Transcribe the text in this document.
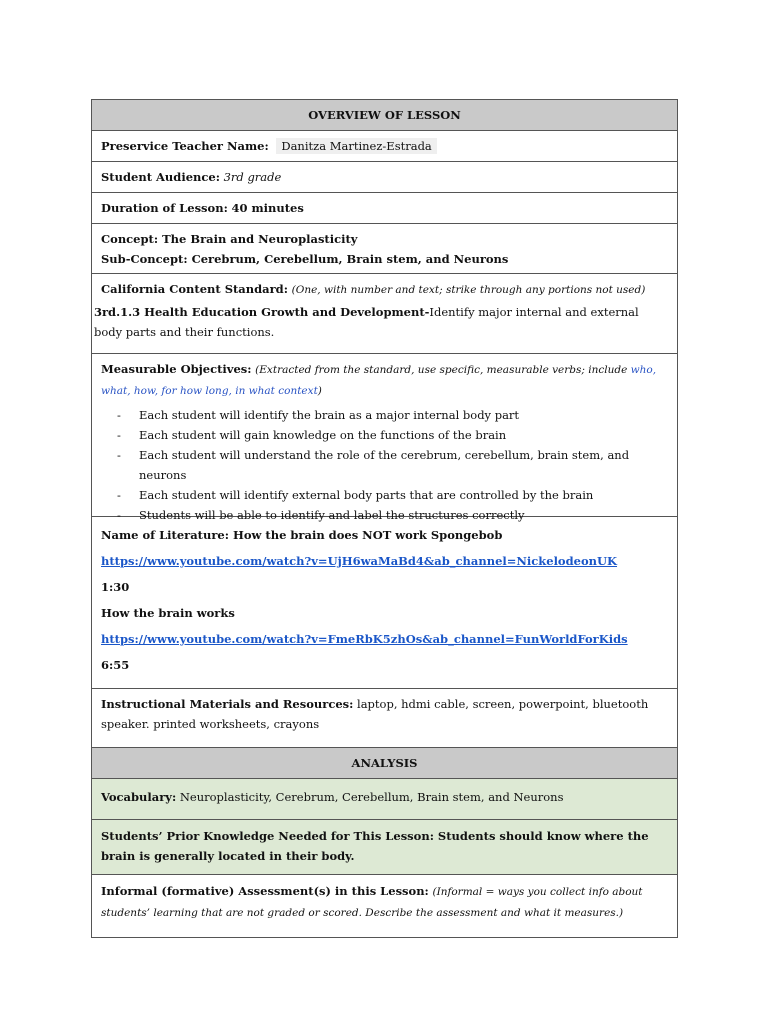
OVERVIEW OF LESSON
Preservice Teacher Name: Danitza Martinez-Estrada
Student Audience: 3rd grade
Duration of Lesson: 40 minutes
Concept: The Brain and Neuroplasticity
Sub-Concept: Cerebrum, Cerebellum, Brain stem, and Neurons
California Content Standard: (One, with number and text; strike through any portions not used)
3rd.1.3 Health Education Growth and Development-Identify major internal and external body parts and their functions.
Measurable Objectives: (Extracted from the standard, use specific, measurable verbs; include who, what, how, for how long, in what context)
- Each student will identify the brain as a major internal body part
- Each student will gain knowledge on the functions of the brain
- Each student will understand the role of the cerebrum, cerebellum, brain stem, and neurons
- Each student will identify external body parts that are controlled by the brain
- Students will be able to identify and label the structures correctly
Name of Literature: How the brain does NOT work Spongebob
https://www.youtube.com/watch?v=UjH6waMaBd4&ab_channel=NickelodeonUK
1:30
How the brain works
https://www.youtube.com/watch?v=FmeRbK5zhOs&ab_channel=FunWorldForKids
6:55
Instructional Materials and Resources: laptop, hdmi cable, screen, powerpoint, bluetooth speaker. printed worksheets, crayons
ANALYSIS
Vocabulary: Neuroplasticity, Cerebrum, Cerebellum, Brain stem, and Neurons
Students’ Prior Knowledge Needed for This Lesson: Students should know where the brain is generally located in their body.
Informal (formative) Assessment(s) in this Lesson: (Informal = ways you collect info about students’ learning that are not graded or scored. Describe the assessment and what it measures.)
